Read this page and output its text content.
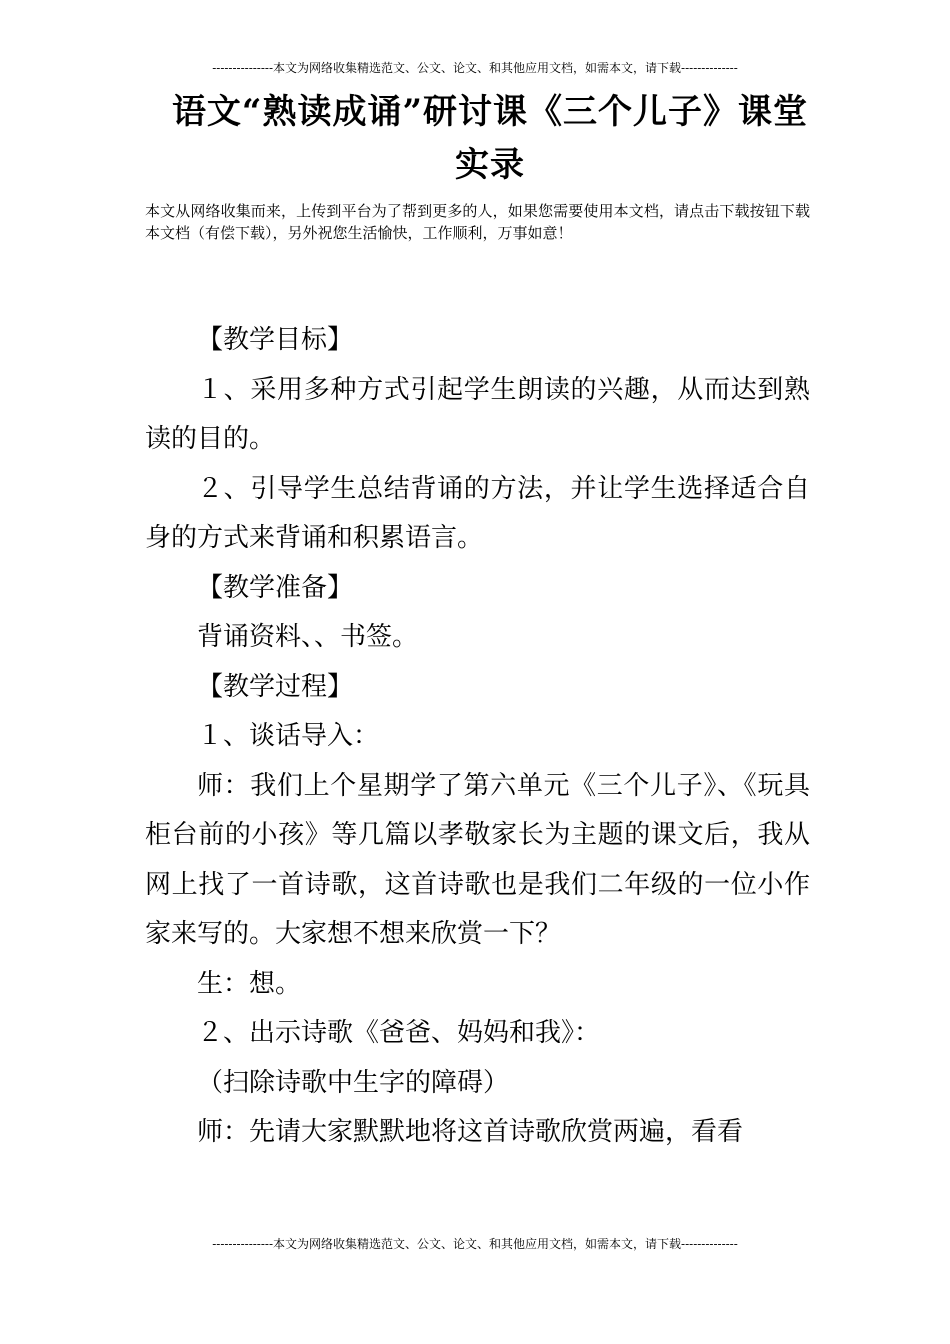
---------------本文为网络收集精选范文、公文、论文、和其他应用文档，如需本文，请下载--------------
语文“熟读成诵”研讨课《三个儿子》课堂实录
本文从网络收集而来，上传到平台为了帮到更多的人，如果您需要使用本文档，请点击下载按钮下载本文档（有偿下载），另外祝您生活愉快，工作顺利，万事如意！

【教学目标】

１、采用多种方式引起学生朗读的兴趣，从而达到熟读的目的。

２、引导学生总结背诵的方法，并让学生选择适合自身的方式来背诵和积累语言。

【教学准备】

背诵资料、、书签。

【教学过程】

１、谈话导入：

师：我们上个星期学了第六单元《三个儿子》、《玩具柜台前的小孩》等几篇以孝敬家长为主题的课文后，我从网上找了一首诗歌，这首诗歌也是我们二年级的一位小作家来写的。大家想不想来欣赏一下？

生：想。

２、出示诗歌《爸爸、妈妈和我》：

（扫除诗歌中生字的障碍）

师：先请大家默默地将这首诗歌欣赏两遍，看看

---------------本文为网络收集精选范文、公文、论文、和其他应用文档，如需本文，请下载--------------
